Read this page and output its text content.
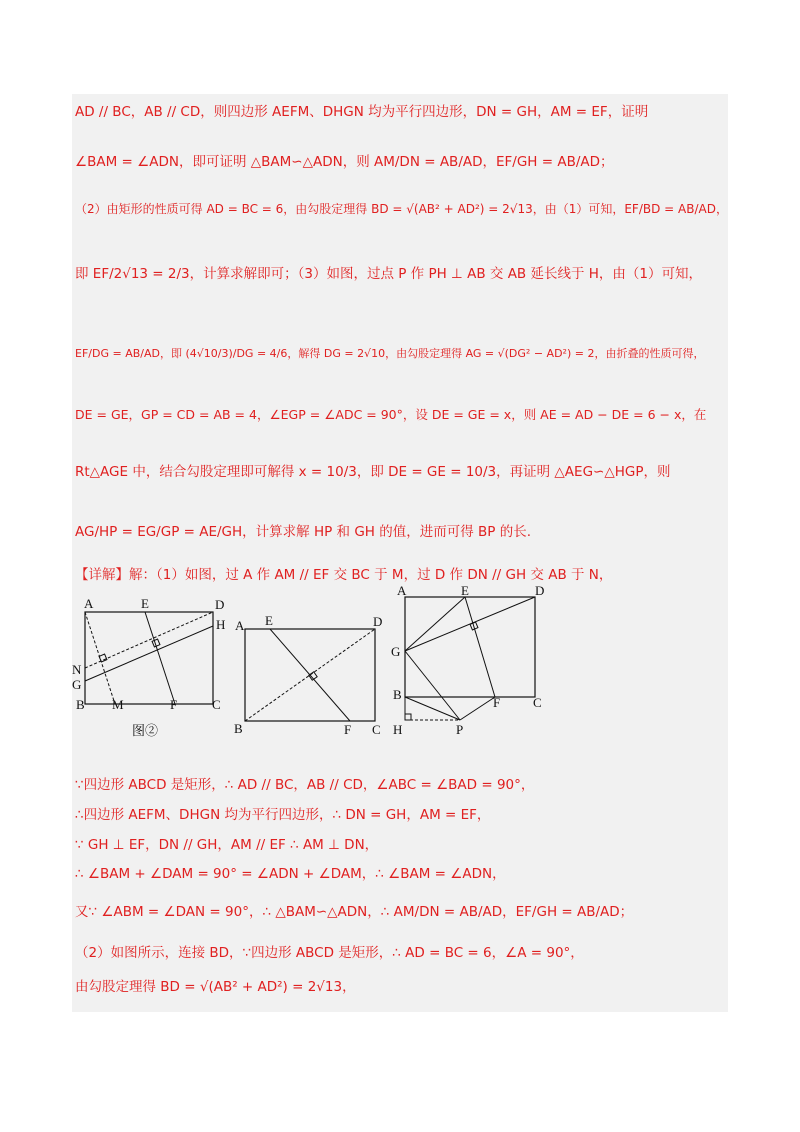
AD // BC，AB // CD，则四边形 AEFM、DHGN 均为平行四边形，DN = GH，AM = EF，证明
∠BAM = ∠ADN，即可证明 △BAM∽△ADN，则 AM/DN = AB/AD，EF/GH = AB/AD；
（2）由矩形的性质可得 AD = BC = 6，由勾股定理得 BD = √(AB² + AD²) = 2√13，由（1）可知，EF/BD = AB/AD，
即 EF/2√13 = 2/3，计算求解即可；（3）如图，过点 P 作 PH ⊥ AB 交 AB 延长线于 H，由（1）可知，
EF/DG = AB/AD，即 (4√10/3)/DG = 4/6，解得 DG = 2√10，由勾股定理得 AG = √(DG² − AD²) = 2，由折叠的性质可得，
DE = GE，GP = CD = AB = 4，∠EGP = ∠ADC = 90°，设 DE = GE = x，则 AE = AD − DE = 6 − x，在
Rt△AGE 中，结合勾股定理即可解得 x = 10/3，即 DE = GE = 10/3，再证明 △AEG∽△HGP，则
AG/HP = EG/GP = AE/GH，计算求解 HP 和 GH 的值，进而可得 BP 的长.
【详解】解：（1）如图，过 A 作 AM // EF 交 BC 于 M，过 D 作 DN // GH 交 AB 于 N，
∵四边形 ABCD 是矩形，∴ AD // BC，AB // CD，∠ABC = ∠BAD = 90°，
∴四边形 AEFM、DHGN 均为平行四边形，∴ DN = GH，AM = EF，
∵ GH ⊥ EF，DN // GH，AM // EF ∴ AM ⊥ DN，
∴ ∠BAM + ∠DAM = 90° = ∠ADN + ∠DAM，∴ ∠BAM = ∠ADN，
又∵ ∠ABM = ∠DAN = 90°，∴ △BAM∽△ADN，∴ AM/DN = AB/AD，EF/GH = AB/AD；
（2）如图所示，连接 BD，∵四边形 ABCD 是矩形，∴ AD = BC = 6，∠A = 90°，
由勾股定理得 BD = √(AB² + AD²) = 2√13，
A	E	D
H
N
G
B M	F	C
图②
A E	D
B	F C
A	E	D
G
B
F	C
H	P
